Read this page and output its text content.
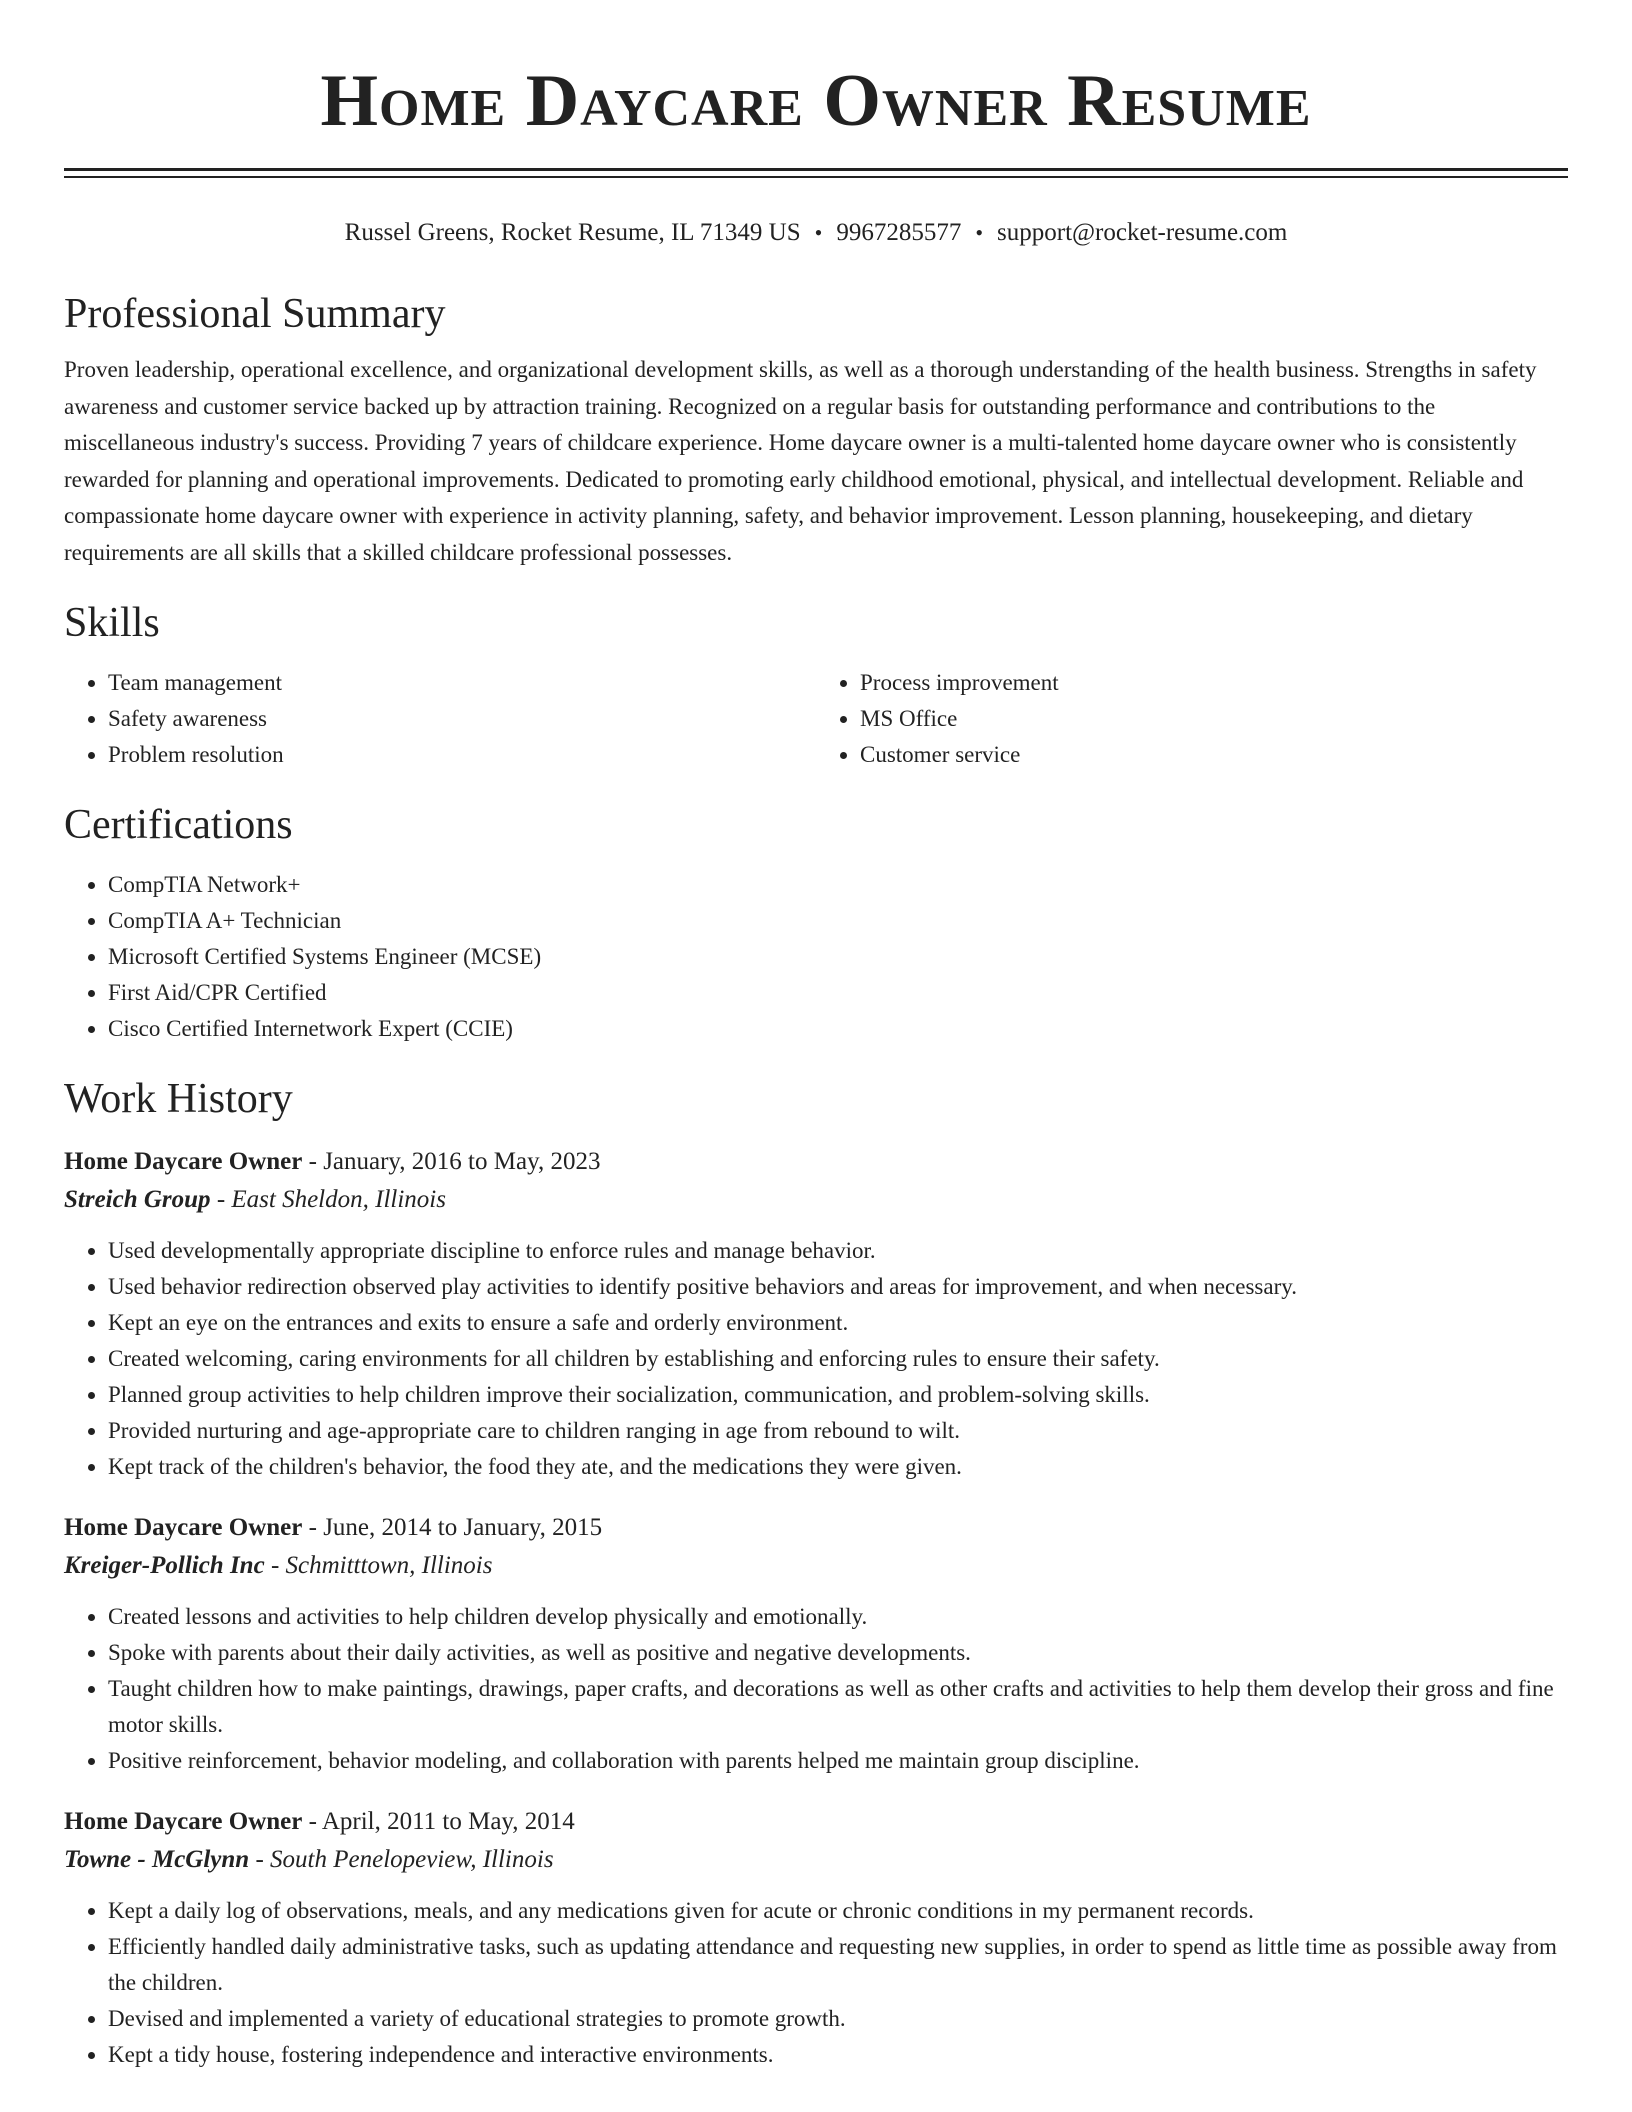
Home Daycare Owner Resume
Russel Greens, Rocket Resume, IL 71349 US • 9967285577 • support@rocket-resume.com
Professional Summary

Proven leadership, operational excellence, and organizational development skills, as well as a thorough understanding of the health business. Strengths in safety awareness and customer service backed up by attraction training. Recognized on a regular basis for outstanding performance and contributions to the miscellaneous industry's success. Providing 7 years of childcare experience. Home daycare owner is a multi-talented home daycare owner who is consistently rewarded for planning and operational improvements. Dedicated to promoting early childhood emotional, physical, and intellectual development. Reliable and compassionate home daycare owner with experience in activity planning, safety, and behavior improvement. Lesson planning, housekeeping, and dietary requirements are all skills that a skilled childcare professional possesses.

Skills
• Team management
• Safety awareness
• Problem resolution
• Process improvement
• MS Office
• Customer service
Certifications
• CompTIA Network+
• CompTIA A+ Technician
• Microsoft Certified Systems Engineer (MCSE)
• First Aid/CPR Certified
• Cisco Certified Internetwork Expert (CCIE)
Work History
Home Daycare Owner - January, 2016 to May, 2023
Streich Group - East Sheldon, Illinois
• Used developmentally appropriate discipline to enforce rules and manage behavior.
• Used behavior redirection observed play activities to identify positive behaviors and areas for improvement, and when necessary.
• Kept an eye on the entrances and exits to ensure a safe and orderly environment.
• Created welcoming, caring environments for all children by establishing and enforcing rules to ensure their safety.
• Planned group activities to help children improve their socialization, communication, and problem-solving skills.
• Provided nurturing and age-appropriate care to children ranging in age from rebound to wilt.
• Kept track of the children's behavior, the food they ate, and the medications they were given.
Home Daycare Owner - June, 2014 to January, 2015
Kreiger-Pollich Inc - Schmitttown, Illinois
• Created lessons and activities to help children develop physically and emotionally.
• Spoke with parents about their daily activities, as well as positive and negative developments.
• Taught children how to make paintings, drawings, paper crafts, and decorations as well as other crafts and activities to help them develop their gross and fine motor skills.
• Positive reinforcement, behavior modeling, and collaboration with parents helped me maintain group discipline.
Home Daycare Owner - April, 2011 to May, 2014
Towne - McGlynn - South Penelopeview, Illinois
• Kept a daily log of observations, meals, and any medications given for acute or chronic conditions in my permanent records.
• Efficiently handled daily administrative tasks, such as updating attendance and requesting new supplies, in order to spend as little time as possible away from the children.
• Devised and implemented a variety of educational strategies to promote growth.
• Kept a tidy house, fostering independence and interactive environments.
